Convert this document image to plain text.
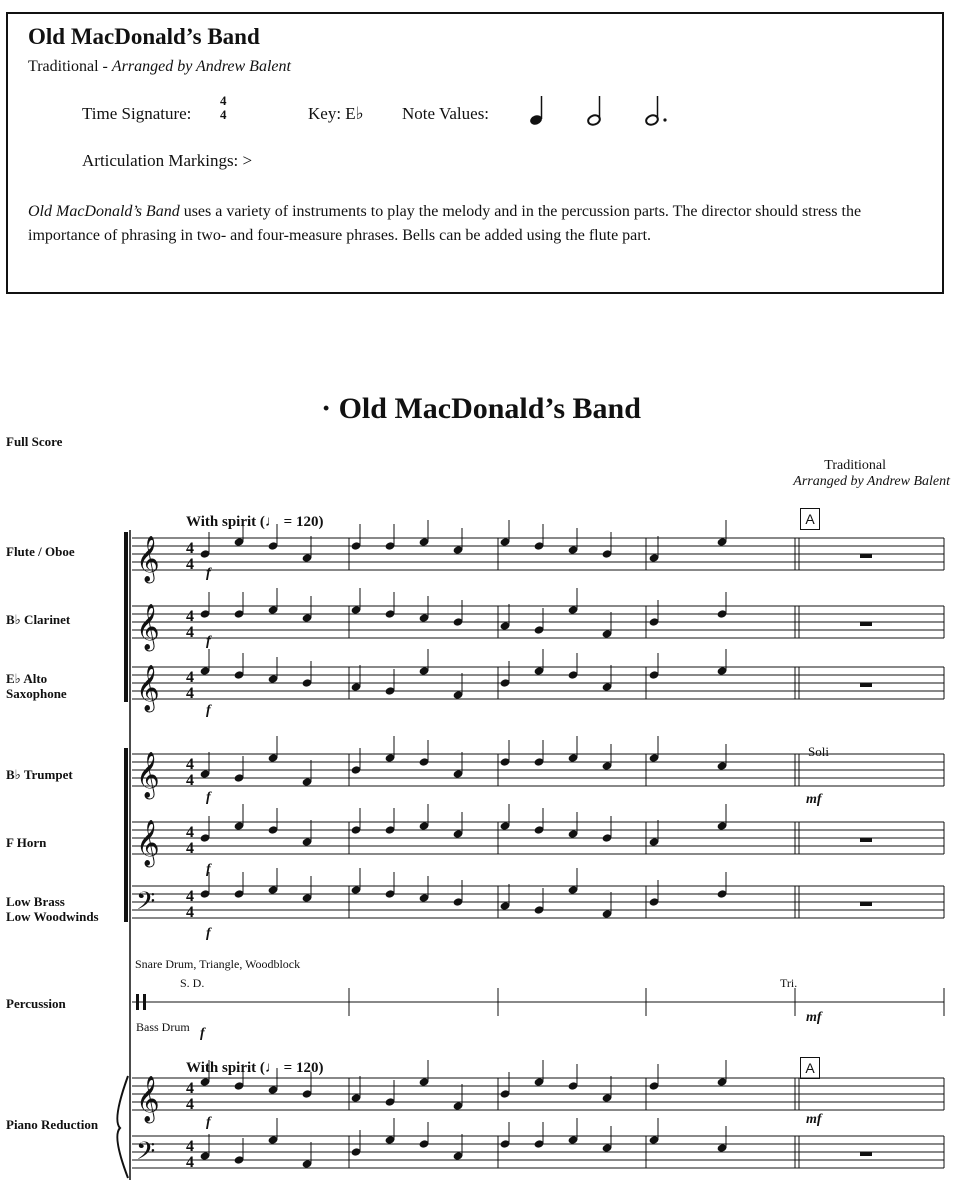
Old MacDonald’s Band
Traditional - Arranged by Andrew Balent
Time Signature:
4
4	Key: E♭ Note Values:
Articulation Markings: >
Old MacDonald’s Band uses a variety of instruments to play the melody and in the percussion parts. The director should stress the importance of phrasing in two- and four-measure phrases. Bells can be added using the flute part.
· Old MacDonald’s Band
Full Score
Traditional
Arranged by Andrew Balent
With spirit (♩ = 120)	A
Flute / Oboe
B♭ Clarinet
E♭ Alto
Saxophone
B♭ Trumpet
F Horn
Low Brass
Low Woodwinds
Percussion
Piano Reduction
Soli
Snare Drum, Triangle, Woodblock
S. D.
Bass Drum
Tri.
With spirit (♩ = 120)	A
f
f
f
f
f
f
f
f
mf
mf
mf
𝄞 4
4
𝄞 4
4
𝄞 4
4
𝄞 4
4
𝄞 4
4
𝄢 4
4
𝄞 4
4
𝄢 4
4
